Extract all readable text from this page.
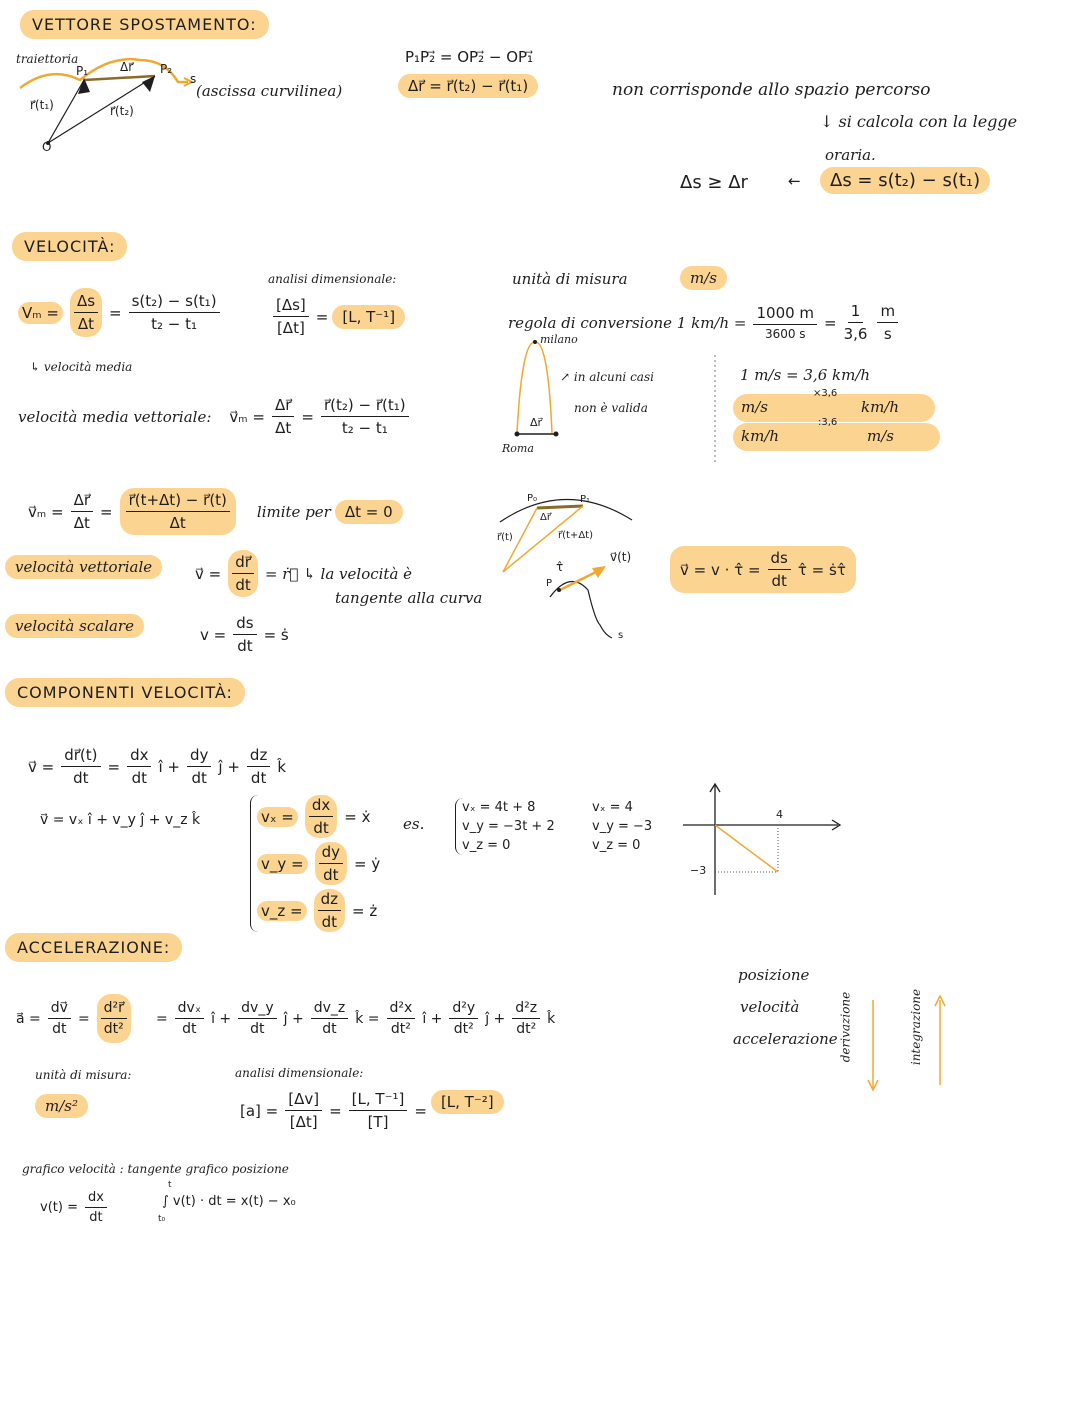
VETTORE SPOSTAMENTO:
traiettoria
P₁	Δr⃗ P₂
s
r⃗(t₁)	r⃗(t₂)
O
(ascissa curvilinea)
P₁P₂⃗ = OP₂⃗ − OP₁⃗
Δr⃗ = r⃗(t₂) − r⃗(t₁)	non corrisponde allo spazio percorso
↓ si calcola con la legge
oraria.
Δs ≥ Δr	←	Δs = s(t₂) − s(t₁)
VELOCITÀ:
$V_m = \frac{\Delta s}{\Delta t} = \frac{\text{s(t₂) − s(t₁)}}{\text{t₂ − t₁}}$
↳ velocità media
analisi dimensionale:
$\frac{[\Delta s]}{[\Delta t]} = [L$, T⁻¹]
unità di misura	m/s
regola di conversione 1 $km/h = \frac{1000 m}{3600 s} = \frac{1}{3,6} \frac{m}{s}$
velocità media vettoriale: v⃗ₘ = $\frac{\Delta r⃗}{\Delta t} = \frac{\text{r⃗(t₂) − r⃗(t₁)}}{\text{t₂ − t₁}}$
milano
Roma
Δr⃗
↗ in alcuni casi
non è valida
1 m/s = 3,6 km/h
m/s
×3,6
km/h
km/h
:3,6
m/s
v⃗ₘ = $\frac{\Delta r⃗}{\Delta t} = \frac{r⃗(t+\Delta t) - r⃗(t)}{\Delta t}$ limite per Δt = 0
P₀	P₁
Δr⃗
r⃗(t)	r⃗(t+Δt)
velocità vettoriale	v⃗ = $\frac{dr⃗}{dt}$ = ṙ⃗ ↳ la velocità è
tangente alla curva
τ̂
P
v⃗(t)
s
v⃗ = v · τ̂ = $\frac{ds}{dt}$ τ̂ = ṡτ̂
velocità scalare	$v = \frac{ds}{dt}$ = ṡ
COMPONENTI VELOCITÀ:
v⃗ = $\frac{dr⃗(t)}{dt} = \frac{dx}{dt}$ î + $\frac{dy}{dt}$ ĵ + $\frac{dz}{dt}$ k̂
v⃗ = vₓ î + v_y ĵ + v_z k̂	$v_x = \frac{dx}{dt}$ = ẋ
v_y = $\frac{dy}{dt}$ = ẏ
v_z = $\frac{dz}{dt}$ = ż
es.
vₓ = 4t + 8
v_y = −3t + 2
v_z = 0
vₓ = 4
v_y = −3
v_z = 0
4
−3
ACCELERAZIONE:
a⃗ = $\frac{dv⃗}{dt} = \frac{\text{d²r⃗}}{\text{dt²}} = \frac{\text{dvₓ}}{dt}$ î + $\frac{dv\_y}{dt}$ ĵ + $\frac{dv\_z}{dt}$ k̂ = $\frac{\text{d²x}}{\text{dt²}}$ î + $\frac{\text{d²y}}{\text{dt²}}$ ĵ + $\frac{\text{d²z}}{\text{dt²}}$ k̂
posizione
velocità
accelerazione derivazione	integrazione
unità di misura:
m/s²
analisi dimensionale:
$[a] = \frac{[\Delta v]}{[\Delta t]} = \frac{\text{[L, T⁻¹]}}{[T]} = [L$, T⁻²]
grafico velocità : tangente grafico posizione
$v(t) = \frac{dx}{dt}$
t
t₀
∫ v(t) · dt = x(t) − x₀
